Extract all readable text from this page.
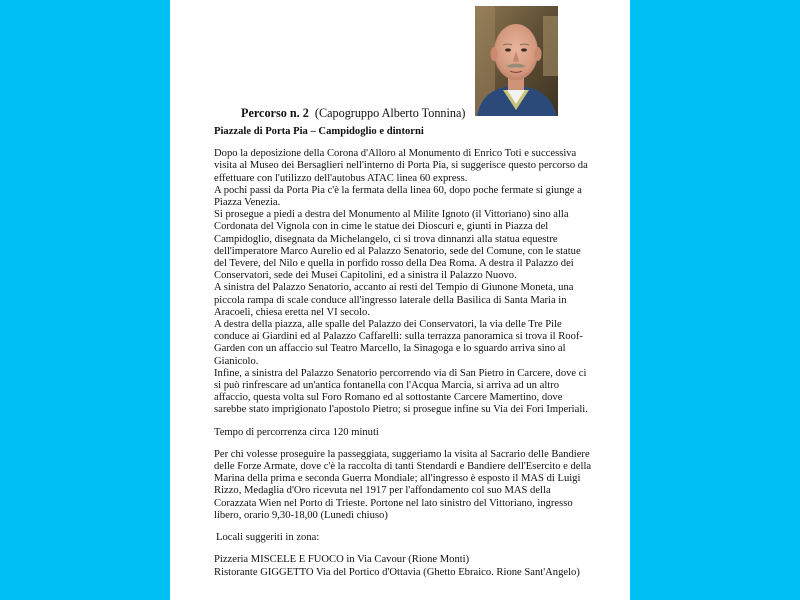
Percorso n. 2 (Capogruppo Alberto Tonnina)
Piazzale di Porta Pia – Campidoglio e dintorni

Dopo la deposizione della Corona d'Alloro al Monumento di Enrico Toti e successiva visita al Museo dei Bersaglieri nell'interno di Porta Pia, si suggerisce questo percorso da effettuare con l'utilizzo dell'autobus ATAC linea 60 express.

A pochi passi da Porta Pia c'è la fermata della linea 60, dopo poche fermate si giunge a Piazza Venezia.

Si prosegue a piedi a destra del Monumento al Milite Ignoto (il Vittoriano) sino alla Cordonata del Vignola con in cime le statue dei Dioscuri e, giunti in Piazza del Campidoglio, disegnata da Michelangelo, ci si trova dinnanzi alla statua equestre dell'imperatore Marco Aurelio ed al Palazzo Senatorio, sede del Comune, con le statue del Tevere, del Nilo e quella in porfido rosso della Dea Roma. A destra il Palazzo dei Conservatori, sede dei Musei Capitolini, ed a sinistra il Palazzo Nuovo.

A sinistra del Palazzo Senatorio, accanto ai resti del Tempio di Giunone Moneta, una piccola rampa di scale conduce all'ingresso laterale della Basilica di Santa Maria in Aracoeli, chiesa eretta nel VI secolo.

A destra della piazza, alle spalle del Palazzo dei Conservatori, la via delle Tre Pile conduce ai Giardini ed al Palazzo Caffarelli: sulla terrazza panoramica si trova il Roof-Garden con un affaccio sul Teatro Marcello, la Sinagoga e lo sguardo arriva sino al Gianicolo.

Infine, a sinistra del Palazzo Senatorio percorrendo via di San Pietro in Carcere, dove ci si può rinfrescare ad un'antica fontanella con l'Acqua Marcia, si arriva ad un altro affaccio, questa volta sul Foro Romano ed al sottostante Carcere Mamertino, dove sarebbe stato imprigionato l'apostolo Pietro; si prosegue infine su Via dei Fori Imperiali.

Tempo di percorrenza circa 120 minuti

Per chi volesse proseguire la passeggiata, suggeriamo la visita al Sacrario delle Bandiere delle Forze Armate, dove c'è la raccolta di tanti Stendardi e Bandiere dell'Esercito e della Marina della prima e seconda Guerra Mondiale; all'ingresso è esposto il MAS di Luigi Rizzo, Medaglia d'Oro ricevuta nel 1917 per l'affondamento col suo MAS della Corazzata Wien nel Porto di Trieste. Portone nel lato sinistro del Vittoriano, ingresso libero, orario 9,30-18,00 (Lunedì chiuso)

Locali suggeriti in zona:

Pizzeria MISCELE E FUOCO in Via Cavour (Rione Monti)

Ristorante GIGGETTO Via del Portico d'Ottavia (Ghetto Ebraico. Rione Sant'Angelo)
